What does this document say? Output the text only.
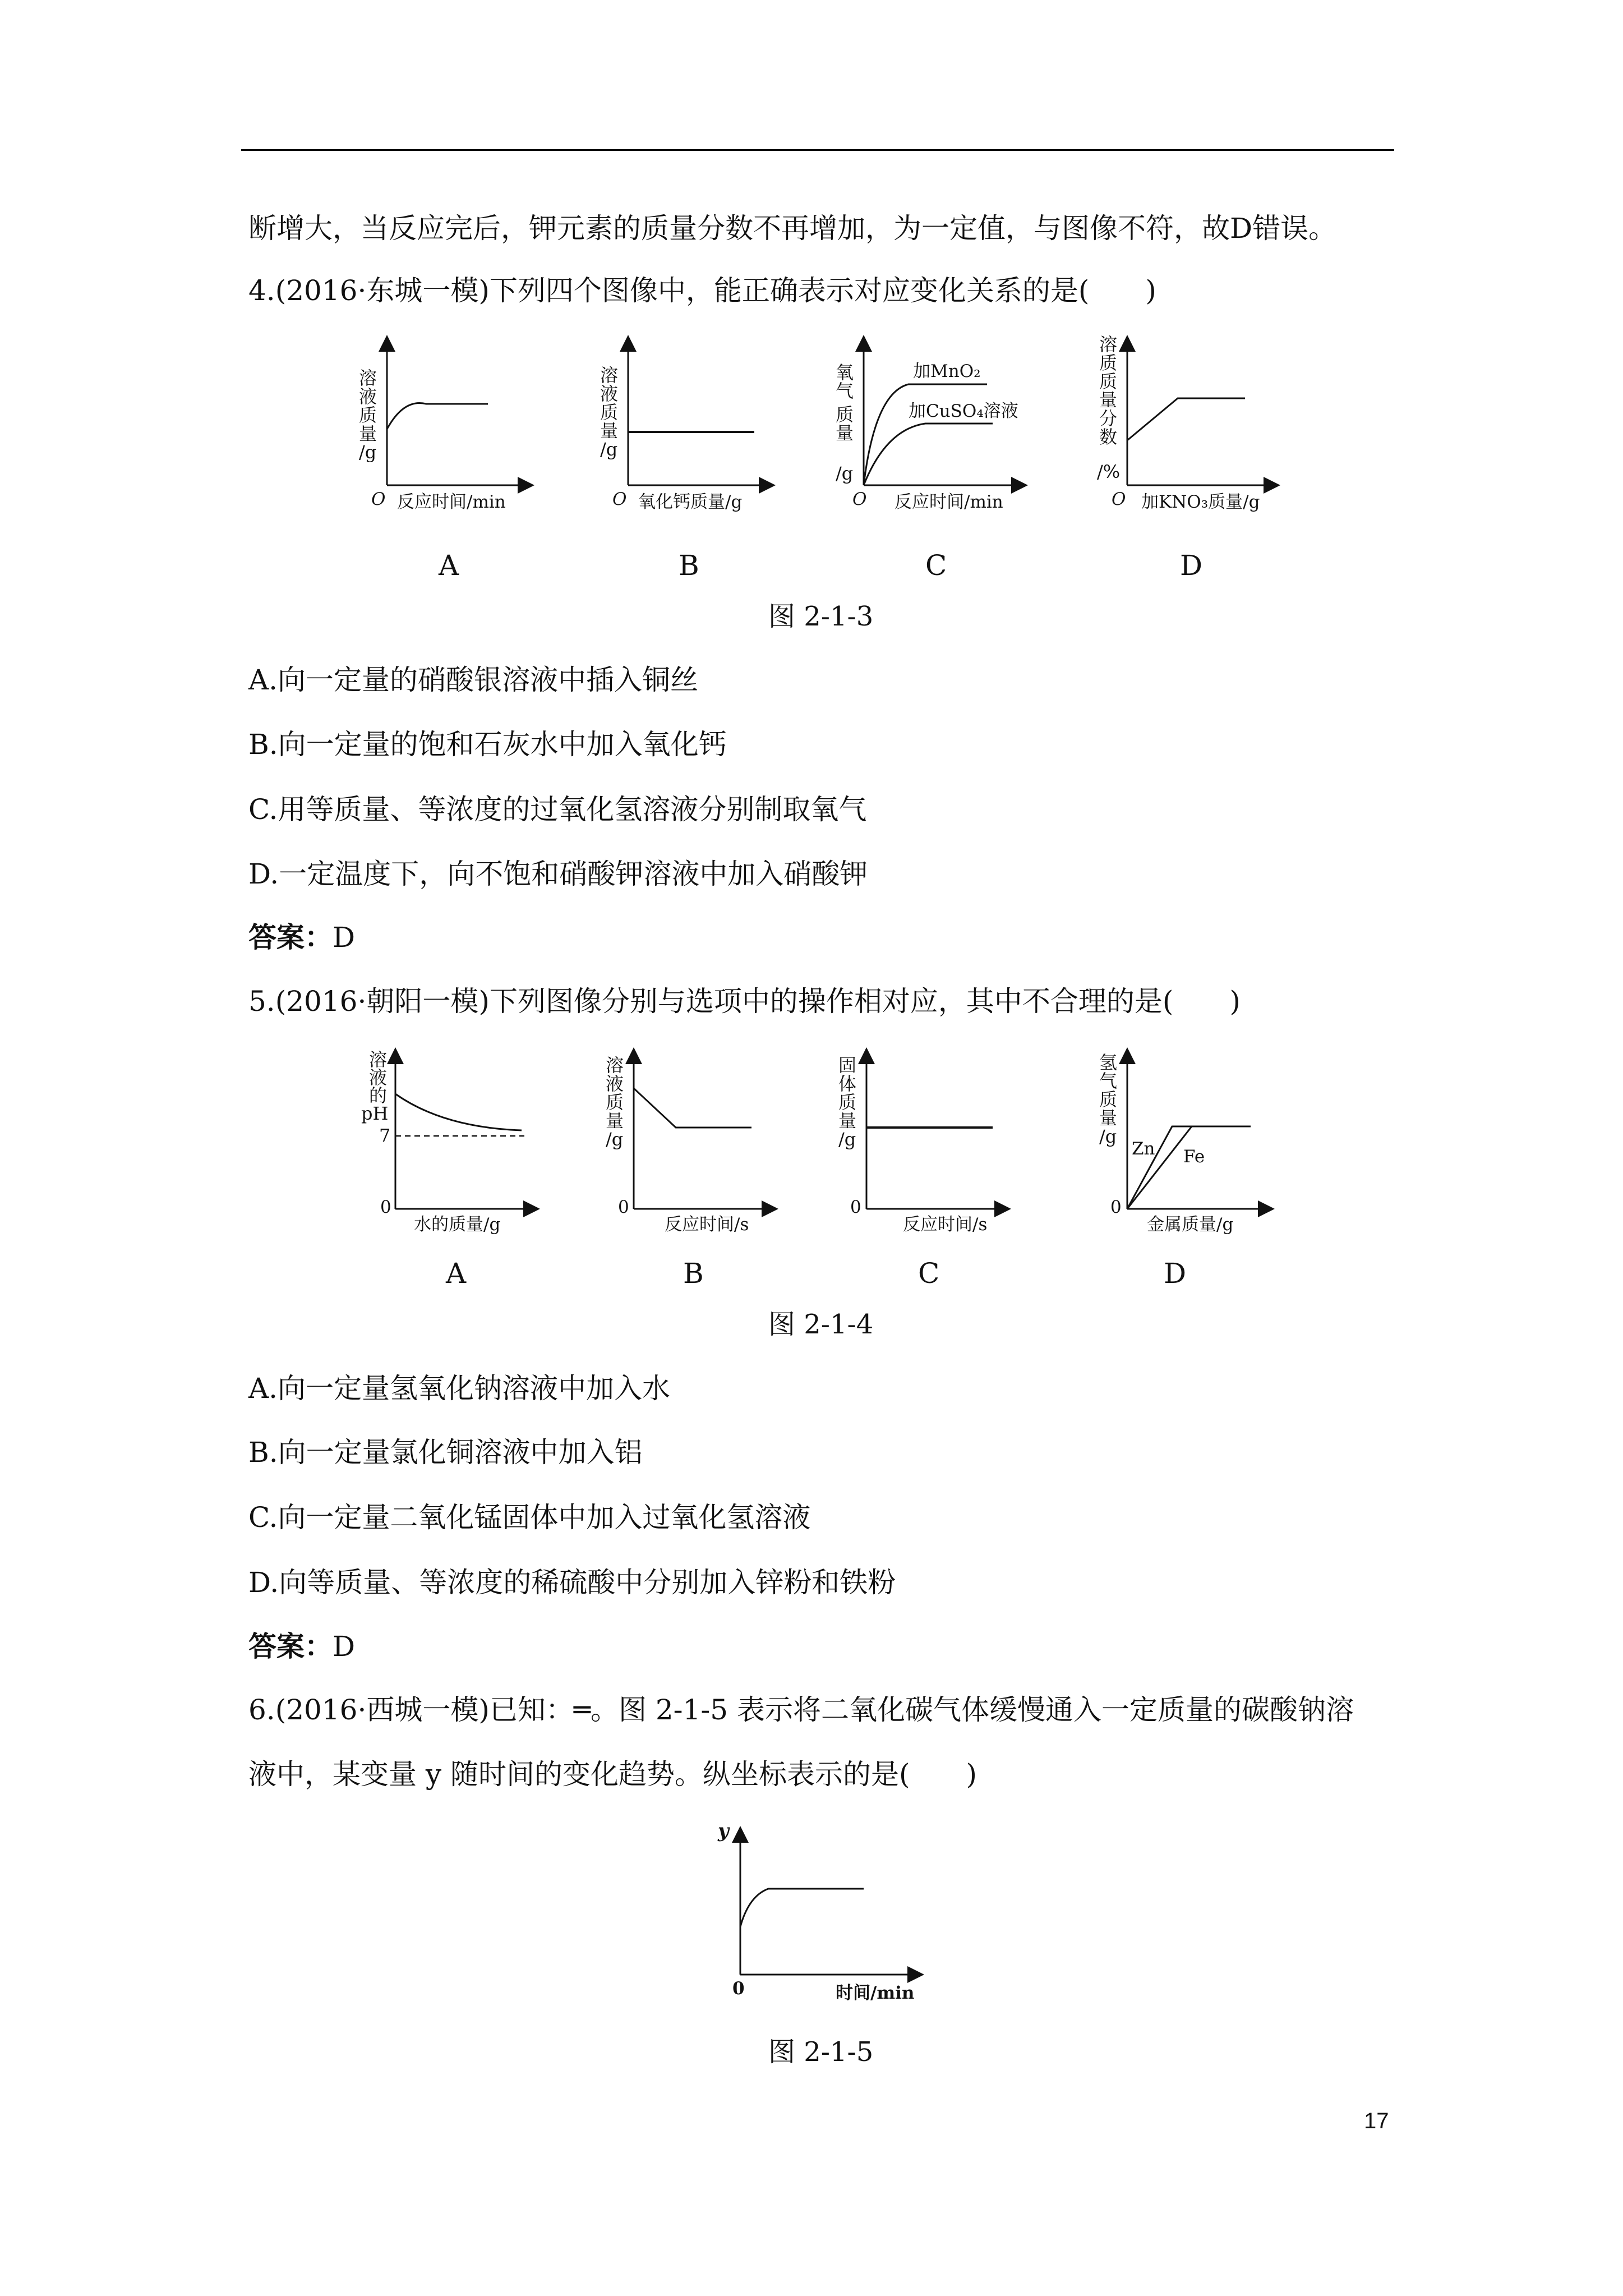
断增大，当反应完后，钾元素的质量分数不再增加，为一定值，与图像不符，故D错误。
4.(2016·东城一模)下列四个图像中，能正确表示对应变化关系的是(　　)
溶
液
质
量
/g
O 反应时间/min
溶
液
质
量
/g
O 氧化钙质量/g
氧
气
质
量
/g
加MnO₂
加CuSO₄溶液
O 反应时间/min
溶
质
质
量
分
数
/%
O 加KNO₃质量/g
A	B	C	D
图 2-1-3
A.向一定量的硝酸银溶液中插入铜丝
B.向一定量的饱和石灰水中加入氧化钙
C.用等质量、等浓度的过氧化氢溶液分别制取氧气
D.一定温度下，向不饱和硝酸钾溶液中加入硝酸钾
答案：D
5.(2016·朝阳一模)下列图像分别与选项中的操作相对应，其中不合理的是(　　)
溶
液
的
pH
7
0
水的质量/g
溶
液
质
量
/g
0
反应时间/s
固
体
质
量
/g
0
反应时间/s
氢
气
质
量
/g
Zn Fe
0
金属质量/g
A	B	C	D
图 2-1-4
A.向一定量氢氧化钠溶液中加入水
B.向一定量氯化铜溶液中加入铝
C.向一定量二氧化锰固体中加入过氧化氢溶液
D.向等质量、等浓度的稀硫酸中分别加入锌粉和铁粉
答案：D
6.(2016·西城一模)已知：═。图 2-1-5 表示将二氧化碳气体缓慢通入一定质量的碳酸钠溶
液中，某变量 y 随时间的变化趋势。纵坐标表示的是(　　)
y
0	时间/min
图 2-1-5
17
